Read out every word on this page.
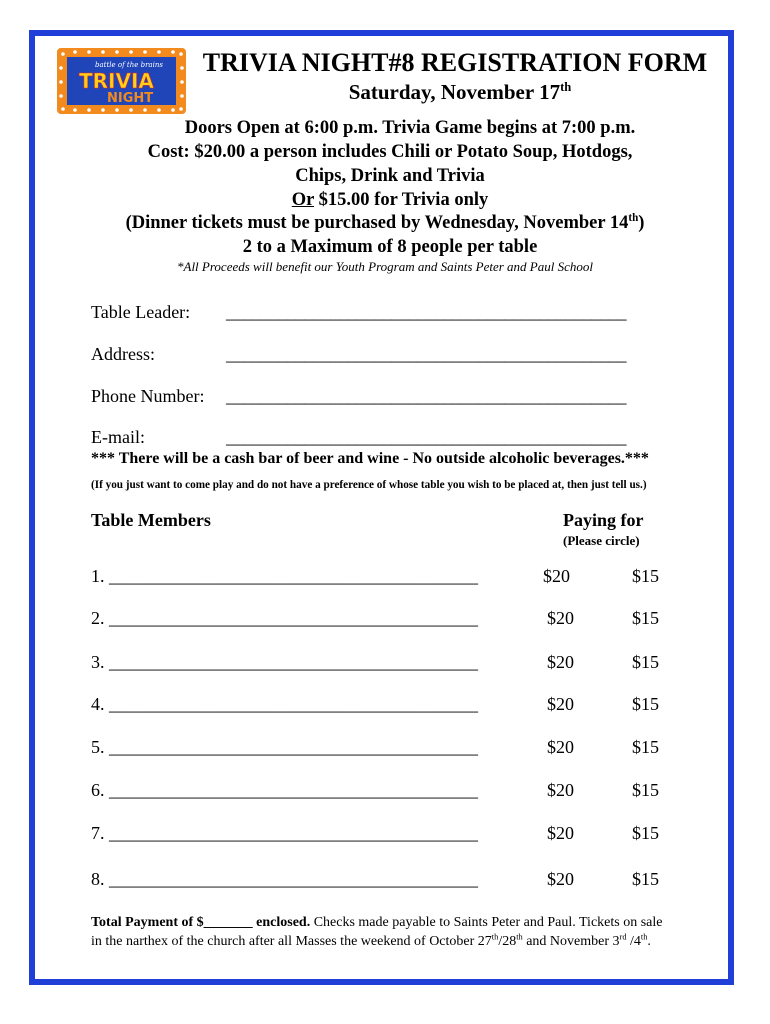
battle of the brains
TRIVIA
NIGHT
TRIVIA NIGHT#8 REGISTRATION FORM
Saturday, November 17th
Doors Open at 6:00 p.m. Trivia Game begins at 7:00 p.m.
Cost: $20.00 a person includes Chili or Potato Soup, Hotdogs,
Chips, Drink and Trivia
Or $15.00 for Trivia only
(Dinner tickets must be purchased by Wednesday, November 14th)
2 to a Maximum of 8 people per table
*All Proceeds will benefit our Youth Program and Saints Peter and Paul School
Table Leader: ______________________________________________
Address:	______________________________________________
Phone Number: ______________________________________________
E-mail:	______________________________________________
*** There will be a cash bar of beer and wine - No outside alcoholic beverages.***
(If you just want to come play and do not have a preference of whose table you wish to be placed at, then just tell us.)
Table Members	Paying for
(Please circle)
1. _________________________________________	$20	$15
2. _________________________________________	$20	$15
3. _________________________________________	$20	$15
4. _________________________________________	$20	$15
5. _________________________________________	$20	$15
6. _________________________________________	$20	$15
7. _________________________________________	$20	$15
8. _________________________________________	$20	$15
Total Payment of $_______ enclosed. Checks made payable to Saints Peter and Paul. Tickets on sale
in the narthex of the church after all Masses the weekend of October 27th/28th and November 3rd /4th.
